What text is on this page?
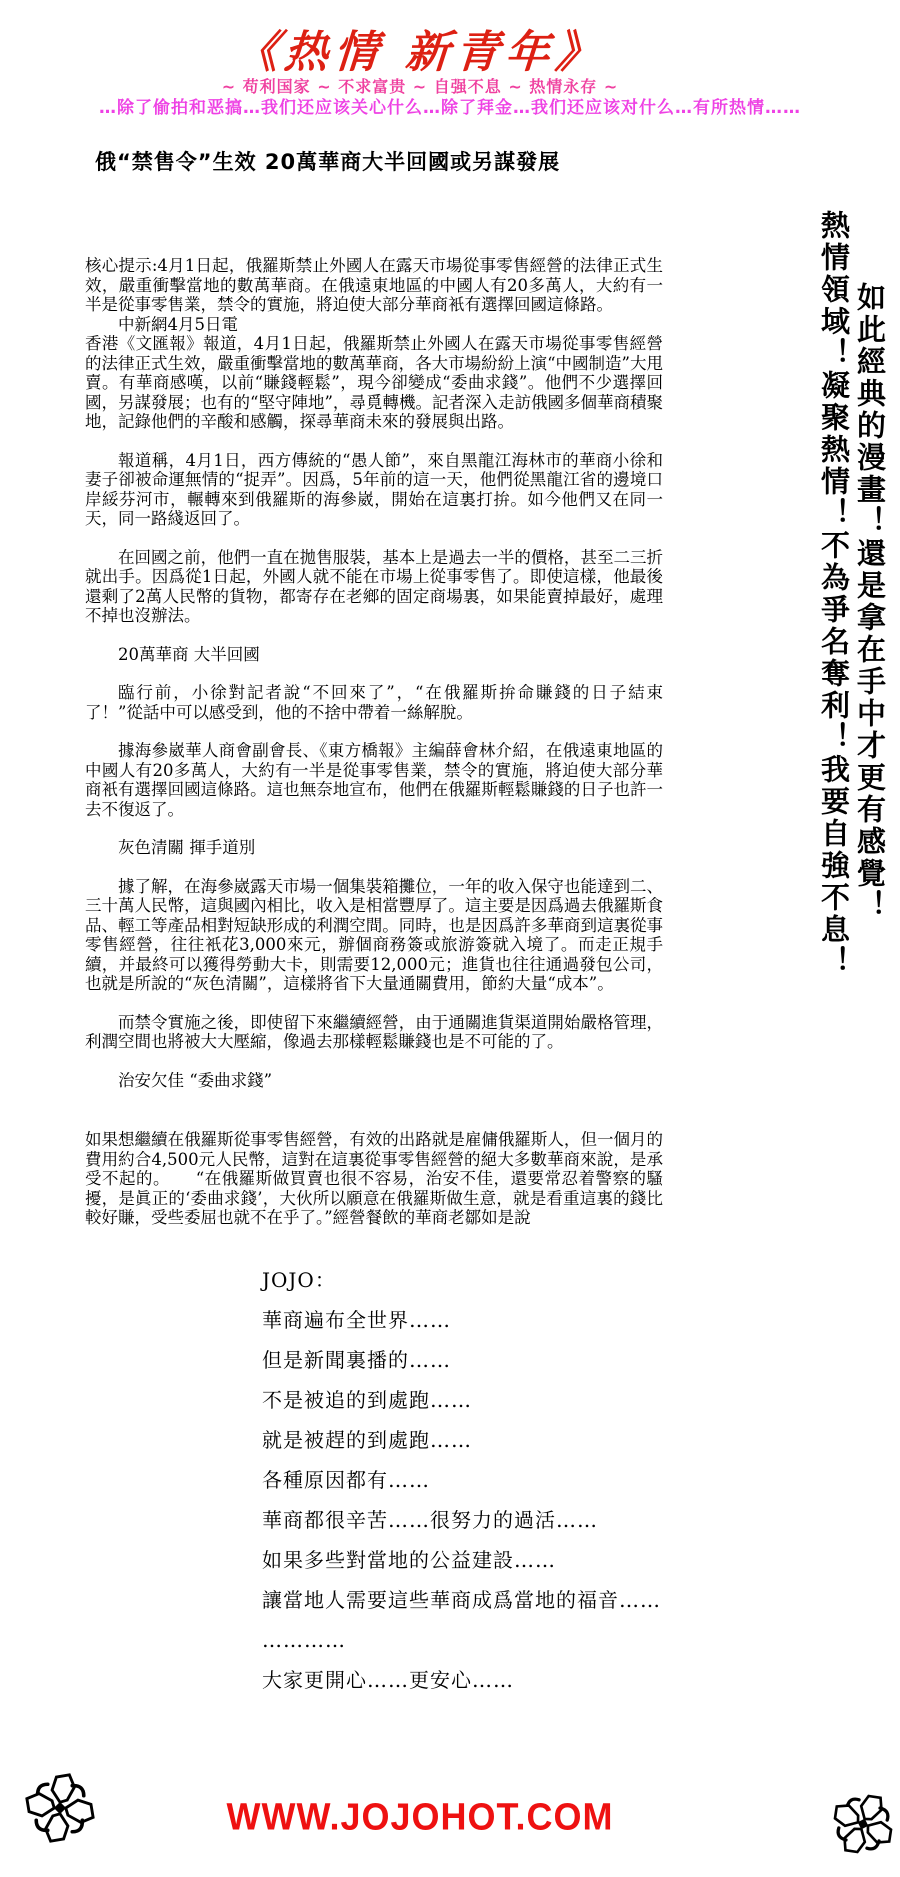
《热情 新青年》
~ 苟利国家 ~ 不求富贵 ~ 自强不息 ~ 热情永存 ~
…除了偷拍和恶搞…我们还应该关心什么…除了拜金…我们还应该对什么…有所热情……
俄“禁售令”生效 20萬華商大半回國或另謀發展

核心提示:4月1日起，俄羅斯禁止外國人在露天市場從事零售經營的法律正式生效，嚴重衝擊當地的數萬華商。在俄遠東地區的中國人有20多萬人，大約有一半是從事零售業，禁令的實施，將迫使大部分華商衹有選擇回國這條路。

中新網4月5日電

香港《文匯報》報道，4月1日起，俄羅斯禁止外國人在露天市場從事零售經營的法律正式生效，嚴重衝擊當地的數萬華商，各大市場紛紛上演“中國制造”大甩賣。有華商感嘆，以前“賺錢輕鬆”，現今卻變成“委曲求錢”。他們不少選擇回國，另謀發展；也有的“堅守陣地”，尋覓轉機。記者深入走訪俄國多個華商積聚地，記錄他們的辛酸和感觸，探尋華商未來的發展與出路。

報道稱，4月1日，西方傳統的“愚人節”，來自黑龍江海林市的華商小徐和妻子卻被命運無情的“捉弄”。因爲，5年前的這一天，他們從黑龍江省的邊境口岸綏芬河市，輾轉來到俄羅斯的海參崴，開始在這裏打拚。如今他們又在同一天，同一路綫返回了。

在回國之前，他們一直在拋售服裝，基本上是過去一半的價格，甚至二三折就出手。因爲從1日起，外國人就不能在市場上從事零售了。即使這樣，他最後還剩了2萬人民幣的貨物，都寄存在老鄉的固定商場裏，如果能賣掉最好，處理不掉也沒辦法。

20萬華商 大半回國

臨行前，小徐對記者說“不回來了”，“在俄羅斯拚命賺錢的日子結束了！”從話中可以感受到，他的不捨中帶着一絲解脫。

據海參崴華人商會副會長、《東方橋報》主編薛會林介紹，在俄遠東地區的中國人有20多萬人，大約有一半是從事零售業，禁令的實施，將迫使大部分華商衹有選擇回國這條路。這也無奈地宣布，他們在俄羅斯輕鬆賺錢的日子也許一去不復返了。

灰色清關 揮手道別

據了解，在海參崴露天市場一個集裝箱攤位，一年的收入保守也能達到二、三十萬人民幣，這與國內相比，收入是相當豐厚了。這主要是因爲過去俄羅斯食品、輕工等產品相對短缺形成的利潤空間。同時，也是因爲許多華商到這裏從事零售經營，往往衹花3,000來元，辦個商務簽或旅游簽就入境了。而走正規手續，并最終可以獲得勞動大卡，則需要12,000元；進貨也往往通過發包公司，也就是所說的“灰色清關”，這樣將省下大量通關費用，節約大量“成本”。

而禁令實施之後，即使留下來繼續經營，由于通關進貨渠道開始嚴格管理，利潤空間也將被大大壓縮，像過去那樣輕鬆賺錢也是不可能的了。

治安欠佳 “委曲求錢”

如果想繼續在俄羅斯從事零售經營，有效的出路就是雇傭俄羅斯人，但一個月的費用約合4,500元人民幣，這對在這裏從事零售經營的絕大多數華商來說，是承受不起的。　　“在俄羅斯做買賣也很不容易，治安不佳，還要常忍着警察的騷擾，是眞正的‘委曲求錢’，大伙所以願意在俄羅斯做生意，就是看重這裏的錢比較好賺，受些委屈也就不在乎了。”經營餐飲的華商老鄒如是說

熱情領域！凝聚熱情！不為爭名奪利！我要自強不息！ 如此經典的漫畫！還是拿在手中才更有感覺！
JOJO：
華商遍布全世界……
但是新聞裏播的……
不是被追的到處跑……
就是被趕的到處跑……
各種原因都有……
華商都很辛苦……很努力的過活……
如果多些對當地的公益建設……
讓當地人需要這些華商成爲當地的福音……
…………
大家更開心……更安心……
WWW.JOJOHOT.COM
